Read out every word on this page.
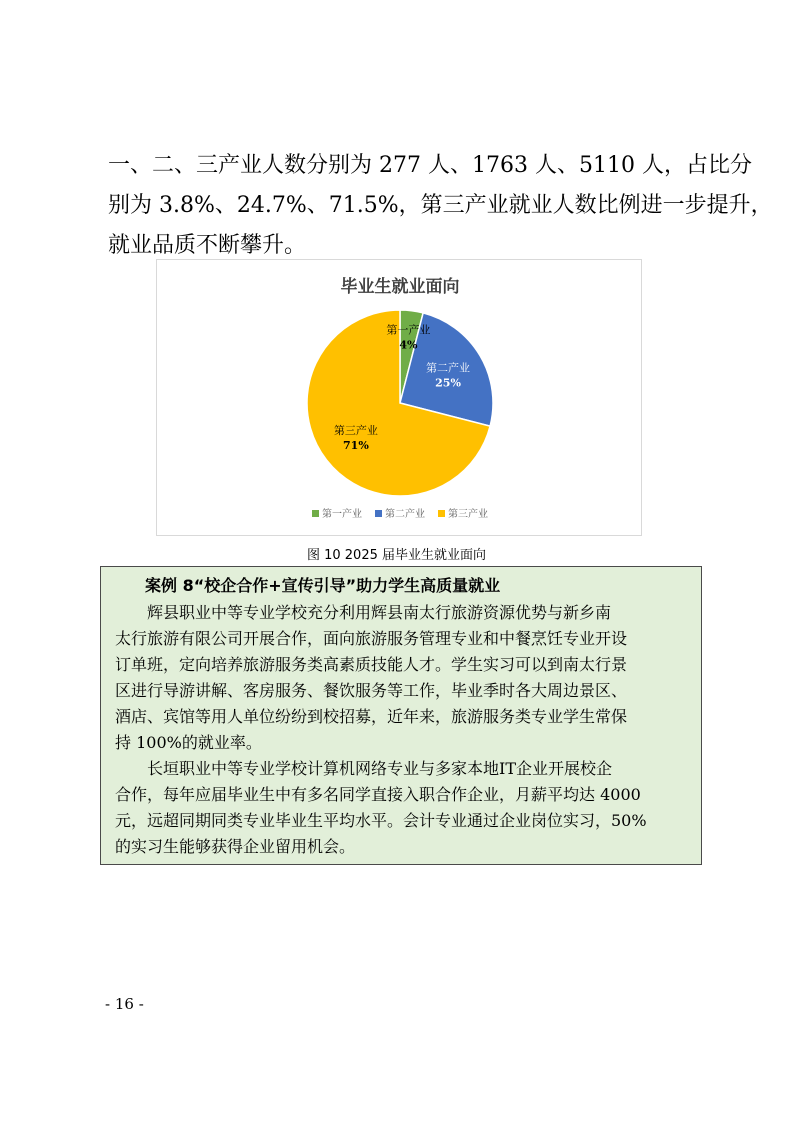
一、二、三产业人数分别为 277 人、1763 人、5110 人，占比分
别为 3.8%、24.7%、71.5%，第三产业就业人数比例进一步提升，
就业品质不断攀升。
毕业生就业面向
第一产业
4%
第二产业
25%
第三产业
71%
第一产业 第二产业 第三产业
图 10 2025 届毕业生就业面向
案例 8“校企合作+宣传引导”助力学生高质量就业
辉县职业中等专业学校充分利用辉县南太行旅游资源优势与新乡南
太行旅游有限公司开展合作，面向旅游服务管理专业和中餐烹饪专业开设
订单班，定向培养旅游服务类高素质技能人才。学生实习可以到南太行景
区进行导游讲解、客房服务、餐饮服务等工作，毕业季时各大周边景区、
酒店、宾馆等用人单位纷纷到校招募，近年来，旅游服务类专业学生常保
持 100%的就业率。
长垣职业中等专业学校计算机网络专业与多家本地IT企业开展校企
合作，每年应届毕业生中有多名同学直接入职合作企业，月薪平均达 4000
元，远超同期同类专业毕业生平均水平。会计专业通过企业岗位实习，50%
的实习生能够获得企业留用机会。
- 16 -
